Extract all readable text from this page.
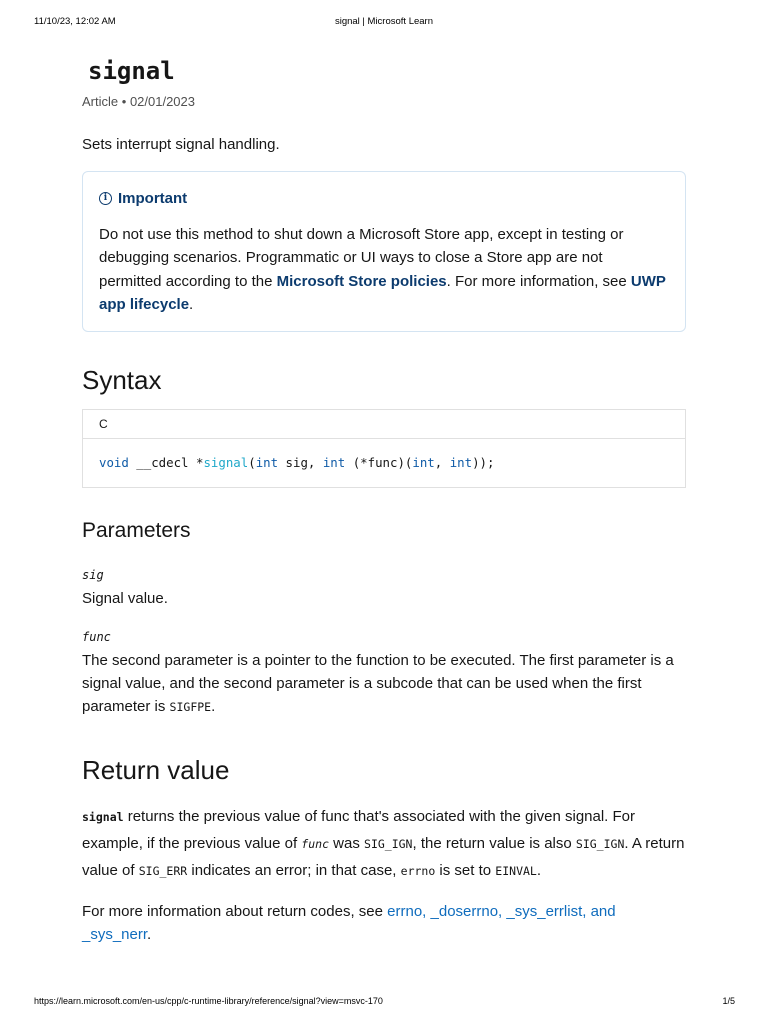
11/10/23, 12:02 AM	signal | Microsoft Learn
signal
Article • 02/01/2023

Sets interrupt signal handling.

i Important

Do not use this method to shut down a Microsoft Store app, except in testing or debugging scenarios. Programmatic or UI ways to close a Store app are not permitted according to the Microsoft Store policies. For more information, see UWP app lifecycle.

Syntax
C
void __cdecl *signal(int sig, int (*func)(int, int));
Parameters
sig

Signal value.

func

The second parameter is a pointer to the function to be executed. The first parameter is a signal value, and the second parameter is a subcode that can be used when the first parameter is SIGFPE.

Return value

signal returns the previous value of func that's associated with the given signal. For example, if the previous value of func was SIG_IGN, the return value is also SIG_IGN. A return value of SIG_ERR indicates an error; in that case, errno is set to EINVAL.

For more information about return codes, see errno, _doserrno, _sys_errlist, and _sys_nerr.

https://learn.microsoft.com/en-us/cpp/c-runtime-library/reference/signal?view=msvc-170	1/5
